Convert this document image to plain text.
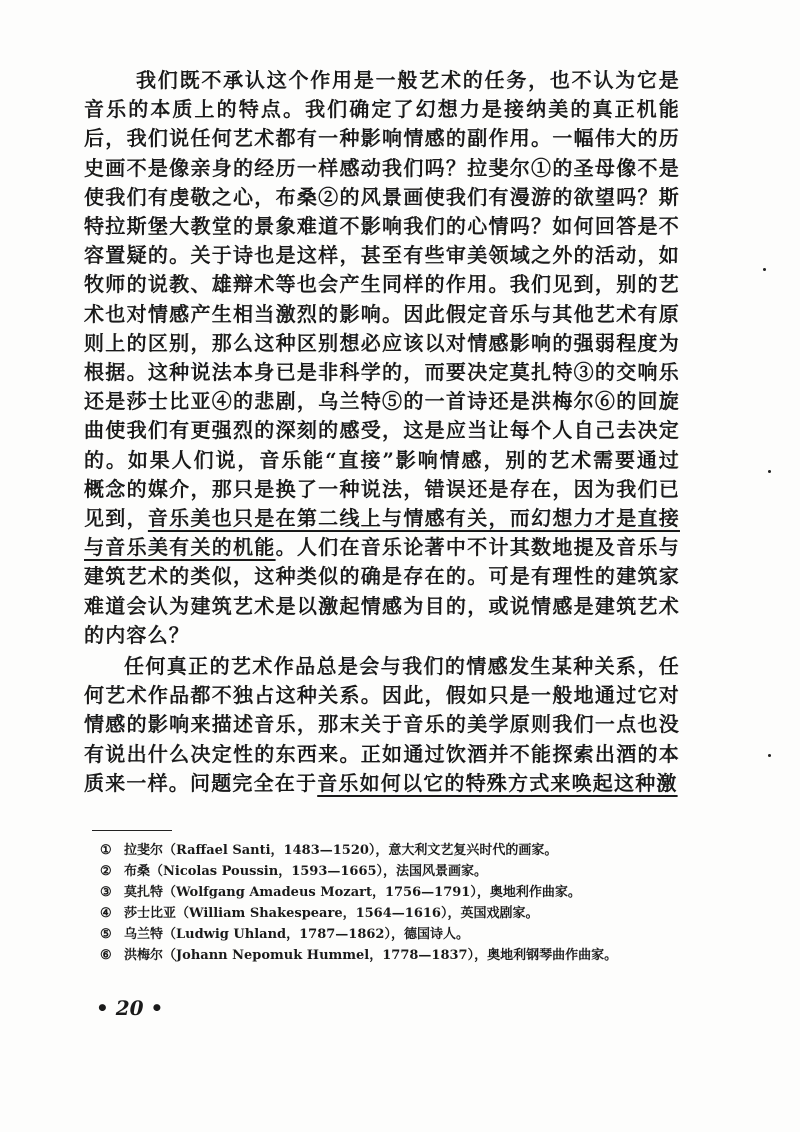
我们既不承认这个作用是一般艺术的任务，也不认为它是音乐的本质上的特点。我们确定了幻想力是接纳美的真正机能后，我们说任何艺术都有一种影响情感的副作用。一幅伟大的历史画不是像亲身的经历一样感动我们吗？拉斐尔①的圣母像不是使我们有虔敬之心，布桑②的风景画使我们有漫游的欲望吗？斯特拉斯堡大教堂的景象难道不影响我们的心情吗？如何回答是不容置疑的。关于诗也是这样，甚至有些审美领域之外的活动，如牧师的说教、雄辩术等也会产生同样的作用。我们见到，别的艺术也对情感产生相当激烈的影响。因此假定音乐与其他艺术有原则上的区别，那么这种区别想必应该以对情感影响的强弱程度为根据。这种说法本身已是非科学的，而要决定莫扎特③的交响乐还是莎士比亚④的悲剧，乌兰特⑤的一首诗还是洪梅尔⑥的回旋曲使我们有更强烈的深刻的感受，这是应当让每个人自己去决定的。如果人们说，音乐能“直接”影响情感，别的艺术需要通过概念的媒介，那只是换了一种说法，错误还是存在，因为我们已见到，音乐美也只是在第二线上与情感有关，而幻想力才是直接与音乐美有关的机能。人们在音乐论著中不计其数地提及音乐与建筑艺术的类似，这种类似的确是存在的。可是有理性的建筑家难道会认为建筑艺术是以激起情感为目的，或说情感是建筑艺术的内容么？

任何真正的艺术作品总是会与我们的情感发生某种关系，任何艺术作品都不独占这种关系。因此，假如只是一般地通过它对情感的影响来描述音乐，那末关于音乐的美学原则我们一点也没有说出什么决定性的东西来。正如通过饮酒并不能探索出酒的本质来一样。问题完全在于音乐如何以它的特殊方式来唤起这种激

① 拉斐尔（Raffael Santi，1483—1520），意大利文艺复兴时代的画家。
② 布桑（Nicolas Poussin，1593—1665），法国风景画家。
③ 莫扎特（Wolfgang Amadeus Mozart，1756—1791），奥地利作曲家。
④ 莎士比亚（William Shakespeare，1564—1616），英国戏剧家。
⑤ 乌兰特（Ludwig Uhland，1787—1862），德国诗人。
⑥ 洪梅尔（Johann Nepomuk Hummel，1778—1837），奥地利钢琴曲作曲家。
• 20 •
